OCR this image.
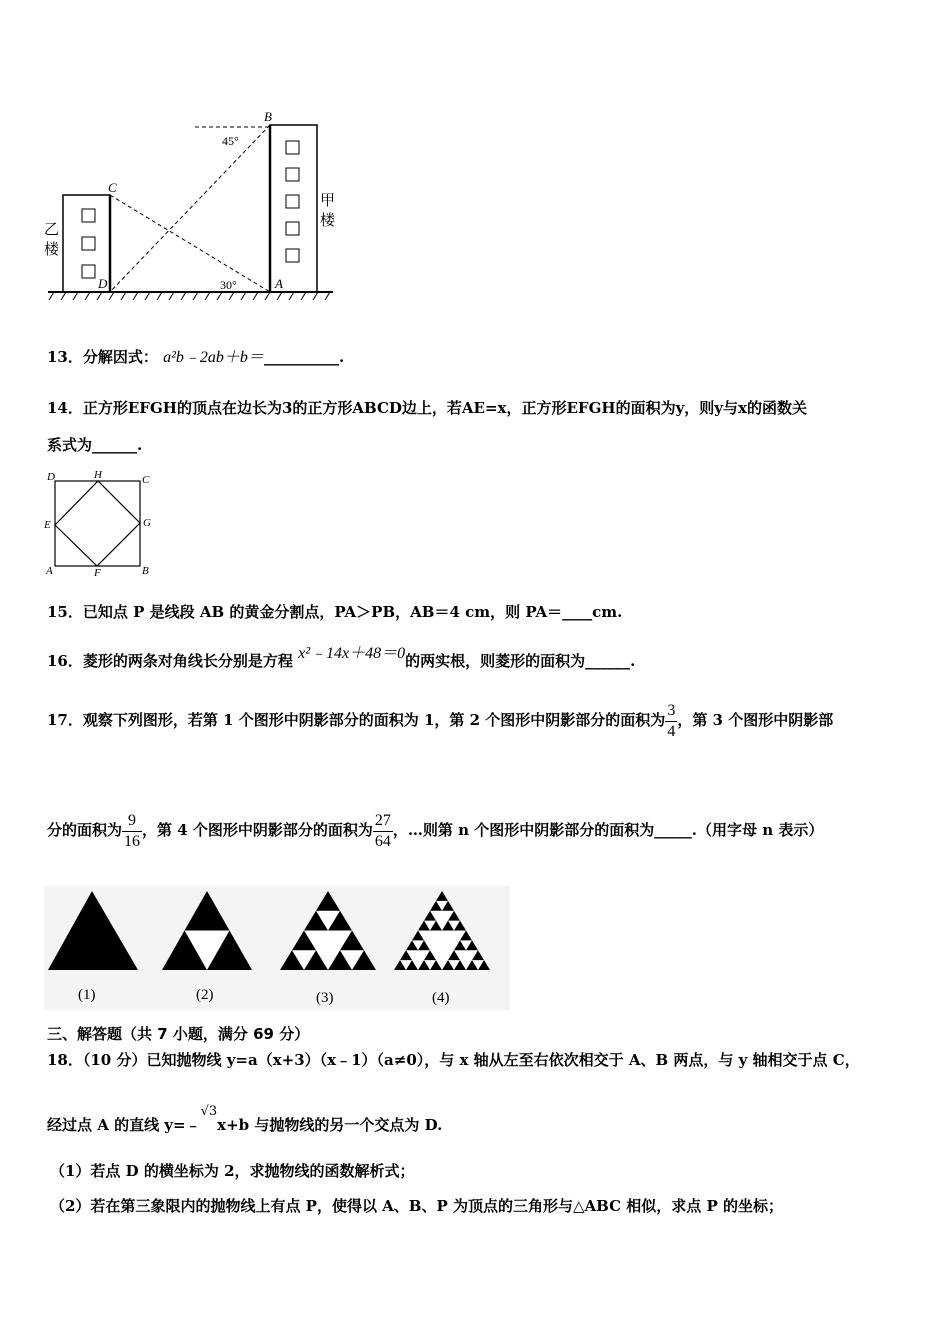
B
C
D	A
45°
30°
乙
楼
甲
楼
13．分解因式： a²b﹣2ab＋b＝__________.
14．正方形EFGH的顶点在边长为3的正方形ABCD边上，若AE=x，正方形EFGH的面积为y，则y与x的函数关
系式为______.
D	H	C
E	G
A	F	B
15．已知点 P 是线段 AB 的黄金分割点，PA＞PB，AB＝4 cm，则 PA＝____cm.
16．菱形的两条对角线长分别是方程 x²﹣14x＋48＝0的两实根，则菱形的面积为______.
17．观察下列图形，若第 1 个图形中阴影部分的面积为 1，第 2 个图形中阴影部分的面积为 $\frac{3}{4}$ ，第 3 个图形中阴影部
分的面积为 $\frac{9}{16}$ ，第 4 个图形中阴影部分的面积为 $\frac{27}{64}$ ，…则第 n 个图形中阴影部分的面积为_____.（用字母 n 表示）
(1)	(2)	(3)	(4)
三、解答题（共 7 小题，满分 69 分）
18．（10 分）已知抛物线 y=a（x+3）（x﹣1）（a≠0），与 x 轴从左至右依次相交于 A、B 两点，与 y 轴相交于点 C，
经过点 A 的直线 y=﹣√3x+b 与抛物线的另一个交点为 D.
（1）若点 D 的横坐标为 2，求抛物线的函数解析式；
（2）若在第三象限内的抛物线上有点 P，使得以 A、B、P 为顶点的三角形与△ABC 相似，求点 P 的坐标；
